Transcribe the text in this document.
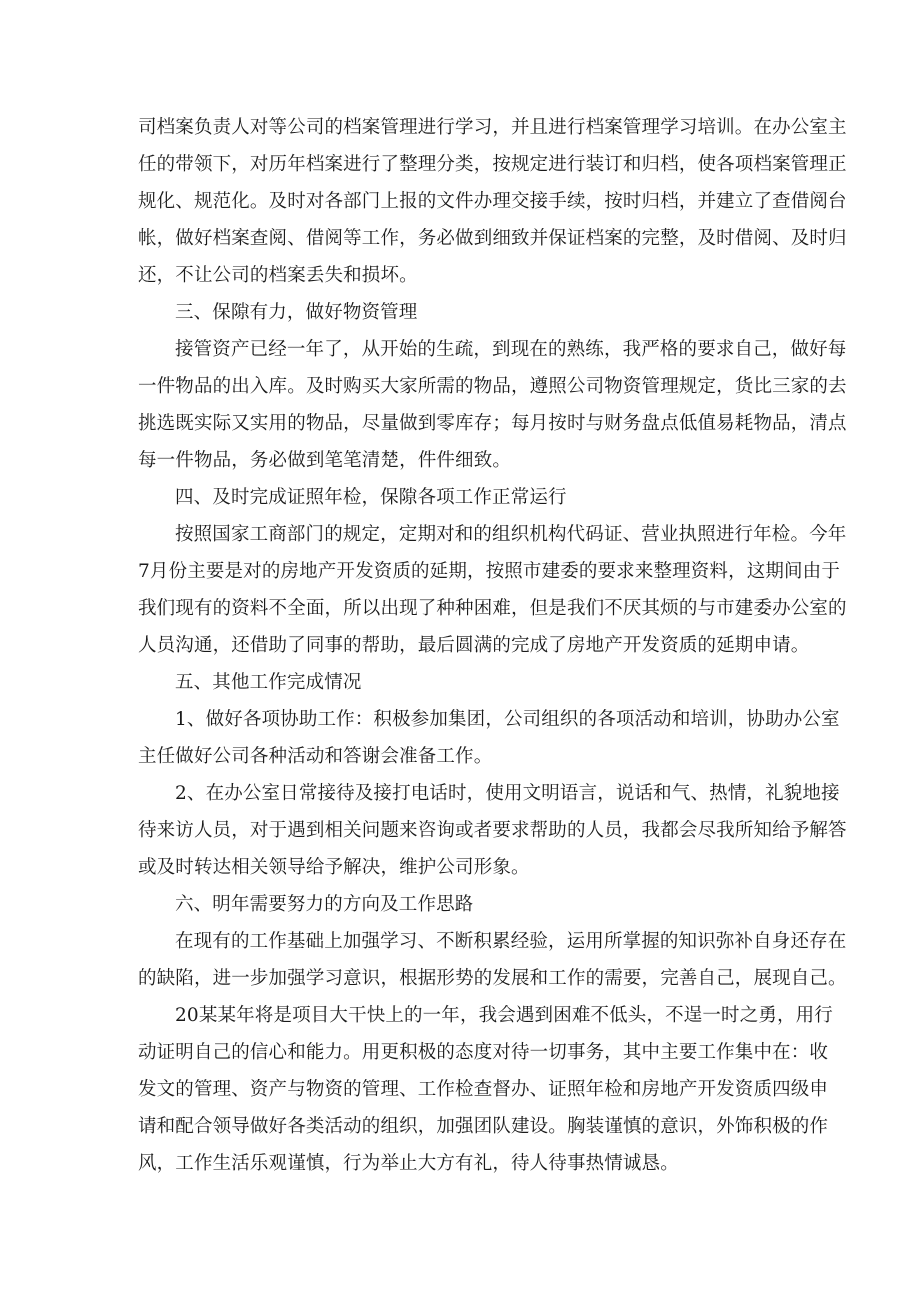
司档案负责人对等公司的档案管理进行学习，并且进行档案管理学习培训。在办公室主
任的带领下，对历年档案进行了整理分类，按规定进行装订和归档，使各项档案管理正
规化、规范化。及时对各部门上报的文件办理交接手续，按时归档，并建立了查借阅台
帐，做好档案查阅、借阅等工作，务必做到细致并保证档案的完整，及时借阅、及时归
还，不让公司的档案丢失和损坏。
三、保隙有力，做好物资管理
接管资产已经一年了，从开始的生疏，到现在的熟练，我严格的要求自己，做好每
一件物品的出入库。及时购买大家所需的物品，遵照公司物资管理规定，货比三家的去
挑选既实际又实用的物品，尽量做到零库存；每月按时与财务盘点低值易耗物品，清点
每一件物品，务必做到笔笔清楚，件件细致。
四、及时完成证照年检，保隙各项工作正常运行
按照国家工商部门的规定，定期对和的组织机构代码证、营业执照进行年检。今年
7月份主要是对的房地产开发资质的延期，按照市建委的要求来整理资料，这期间由于
我们现有的资料不全面，所以出现了种种困难，但是我们不厌其烦的与市建委办公室的
人员沟通，还借助了同事的帮助，最后圆满的完成了房地产开发资质的延期申请。
五、其他工作完成情况
1、做好各项协助工作：积极参加集团，公司组织的各项活动和培训，协助办公室
主任做好公司各种活动和答谢会准备工作。
2、在办公室日常接待及接打电话时，使用文明语言，说话和气、热情，礼貌地接
待来访人员，对于遇到相关问题来咨询或者要求帮助的人员，我都会尽我所知给予解答
或及时转达相关领导给予解决，维护公司形象。
六、明年需要努力的方向及工作思路
在现有的工作基础上加强学习、不断积累经验，运用所掌握的知识弥补自身还存在
的缺陷，进一步加强学习意识，根据形势的发展和工作的需要，完善自己，展现自己。
20某某年将是项目大干快上的一年，我会遇到困难不低头，不逞一时之勇，用行
动证明自己的信心和能力。用更积极的态度对待一切事务，其中主要工作集中在：收
发文的管理、资产与物资的管理、工作检查督办、证照年检和房地产开发资质四级申
请和配合领导做好各类活动的组织，加强团队建设。胸装谨慎的意识，外饰积极的作
风，工作生活乐观谨慎，行为举止大方有礼，待人待事热情诚恳。
